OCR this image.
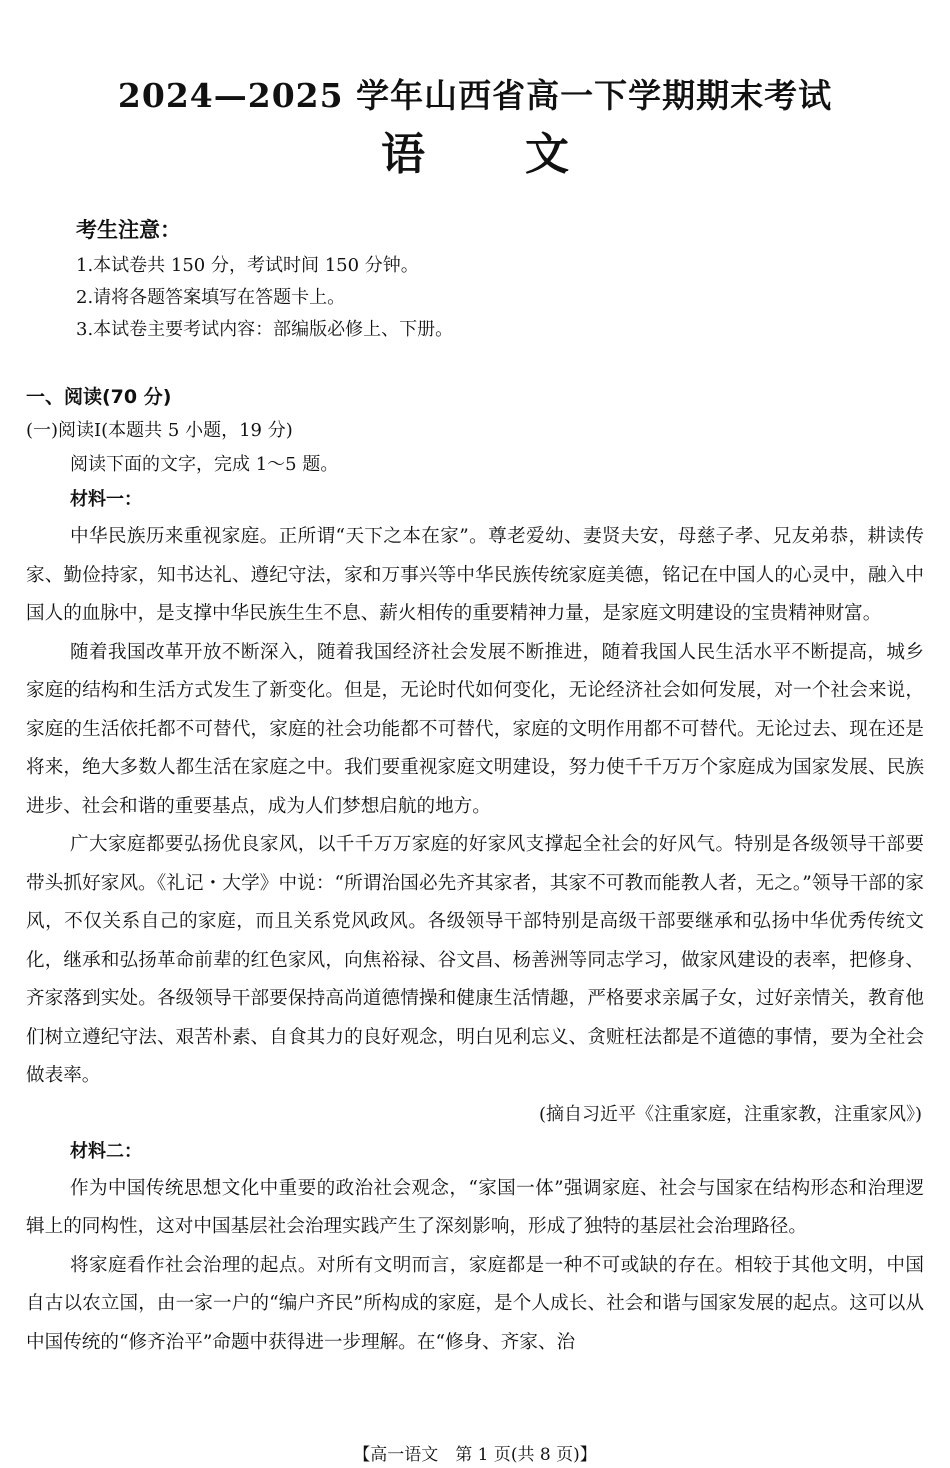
2024—2025 学年山西省高一下学期期末考试
语文
考生注意：
1.本试卷共 150 分，考试时间 150 分钟。
2.请将各题答案填写在答题卡上。
3.本试卷主要考试内容：部编版必修上、下册。
一、阅读(70 分)
(一)阅读Ⅰ(本题共 5 小题，19 分)
阅读下面的文字，完成 1～5 题。
材料一：

中华民族历来重视家庭。正所谓“天下之本在家”。尊老爱幼、妻贤夫安，母慈子孝、兄友弟恭，耕读传家、勤俭持家，知书达礼、遵纪守法，家和万事兴等中华民族传统家庭美德，铭记在中国人的心灵中，融入中国人的血脉中，是支撑中华民族生生不息、薪火相传的重要精神力量，是家庭文明建设的宝贵精神财富。

随着我国改革开放不断深入，随着我国经济社会发展不断推进，随着我国人民生活水平不断提高，城乡家庭的结构和生活方式发生了新变化。但是，无论时代如何变化，无论经济社会如何发展，对一个社会来说，家庭的生活依托都不可替代，家庭的社会功能都不可替代，家庭的文明作用都不可替代。无论过去、现在还是将来，绝大多数人都生活在家庭之中。我们要重视家庭文明建设，努力使千千万万个家庭成为国家发展、民族进步、社会和谐的重要基点，成为人们梦想启航的地方。

广大家庭都要弘扬优良家风，以千千万万家庭的好家风支撑起全社会的好风气。特别是各级领导干部要带头抓好家风。《礼记・大学》中说：“所谓治国必先齐其家者，其家不可教而能教人者，无之。”领导干部的家风，不仅关系自己的家庭，而且关系党风政风。各级领导干部特别是高级干部要继承和弘扬中华优秀传统文化，继承和弘扬革命前辈的红色家风，向焦裕禄、谷文昌、杨善洲等同志学习，做家风建设的表率，把修身、齐家落到实处。各级领导干部要保持高尚道德情操和健康生活情趣，严格要求亲属子女，过好亲情关，教育他们树立遵纪守法、艰苦朴素、自食其力的良好观念，明白见利忘义、贪赃枉法都是不道德的事情，要为全社会做表率。

(摘自习近平《注重家庭，注重家教，注重家风》)
材料二：

作为中国传统思想文化中重要的政治社会观念，“家国一体”强调家庭、社会与国家在结构形态和治理逻辑上的同构性，这对中国基层社会治理实践产生了深刻影响，形成了独特的基层社会治理路径。

将家庭看作社会治理的起点。对所有文明而言，家庭都是一种不可或缺的存在。相较于其他文明，中国自古以农立国，由一家一户的“编户齐民”所构成的家庭，是个人成长、社会和谐与国家发展的起点。这可以从中国传统的“修齐治平”命题中获得进一步理解。在“修身、齐家、治

【高一语文　第 1 页(共 8 页)】
